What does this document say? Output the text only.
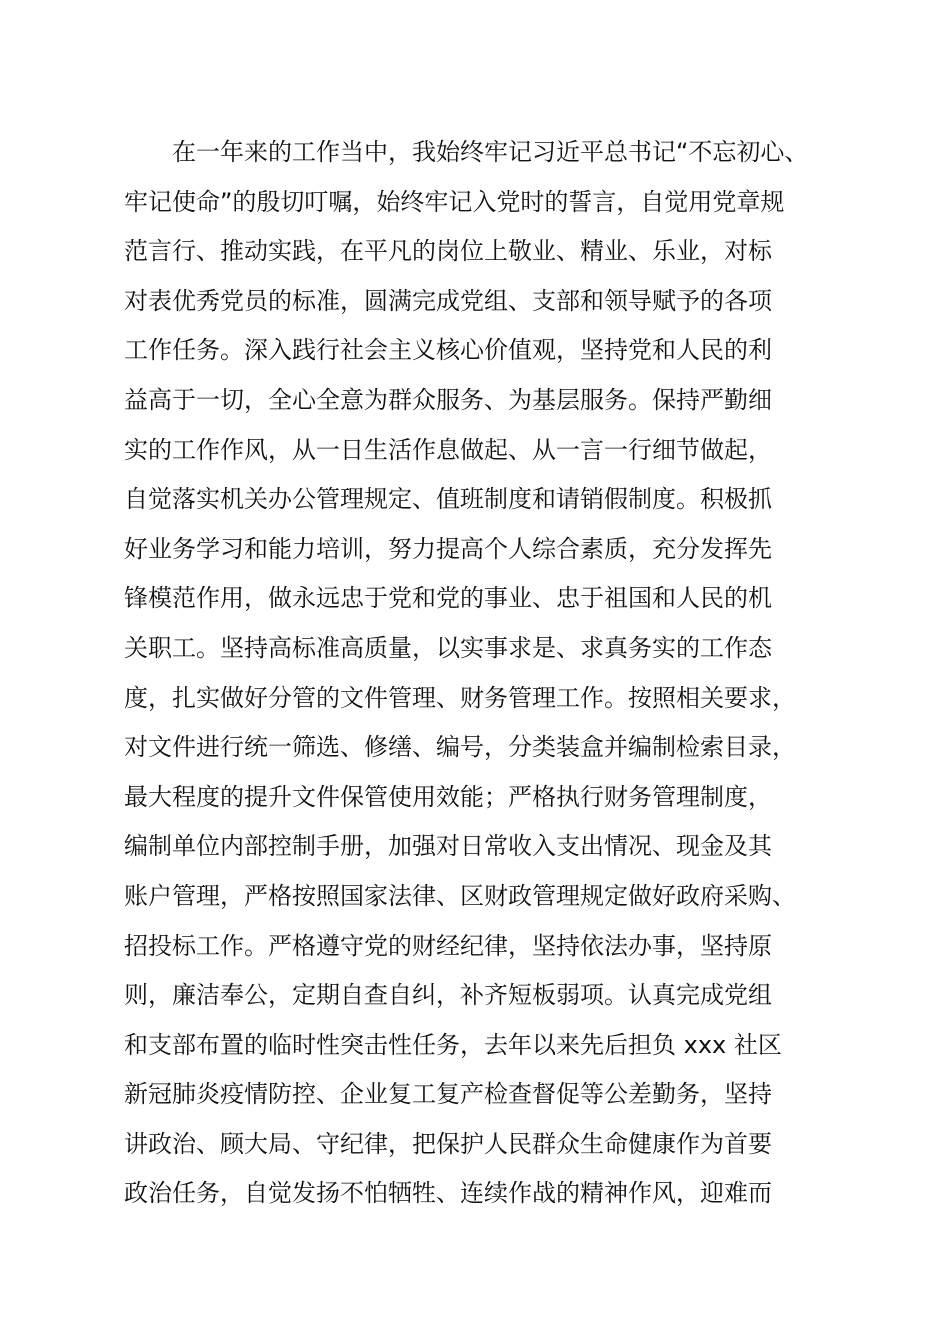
　　在一年来的工作当中，我始终牢记习近平总书记“不忘初心、
牢记使命”的殷切叮嘱，始终牢记入党时的誓言，自觉用党章规
范言行、推动实践，在平凡的岗位上敬业、精业、乐业，对标
对表优秀党员的标准，圆满完成党组、支部和领导赋予的各项
工作任务。深入践行社会主义核心价值观，坚持党和人民的利
益高于一切，全心全意为群众服务、为基层服务。保持严勤细
实的工作作风，从一日生活作息做起、从一言一行细节做起，
自觉落实机关办公管理规定、值班制度和请销假制度。积极抓
好业务学习和能力培训，努力提高个人综合素质，充分发挥先
锋模范作用，做永远忠于党和党的事业、忠于祖国和人民的机
关职工。坚持高标准高质量，以实事求是、求真务实的工作态
度，扎实做好分管的文件管理、财务管理工作。按照相关要求，
对文件进行统一筛选、修缮、编号，分类装盒并编制检索目录，
最大程度的提升文件保管使用效能；严格执行财务管理制度，
编制单位内部控制手册，加强对日常收入支出情况、现金及其
账户管理，严格按照国家法律、区财政管理规定做好政府采购、
招投标工作。严格遵守党的财经纪律，坚持依法办事，坚持原
则，廉洁奉公，定期自查自纠，补齐短板弱项。认真完成党组
和支部布置的临时性突击性任务，去年以来先后担负 xxx 社区
新冠肺炎疫情防控、企业复工复产检查督促等公差勤务，坚持
讲政治、顾大局、守纪律，把保护人民群众生命健康作为首要
政治任务，自觉发扬不怕牺牲、连续作战的精神作风，迎难而
